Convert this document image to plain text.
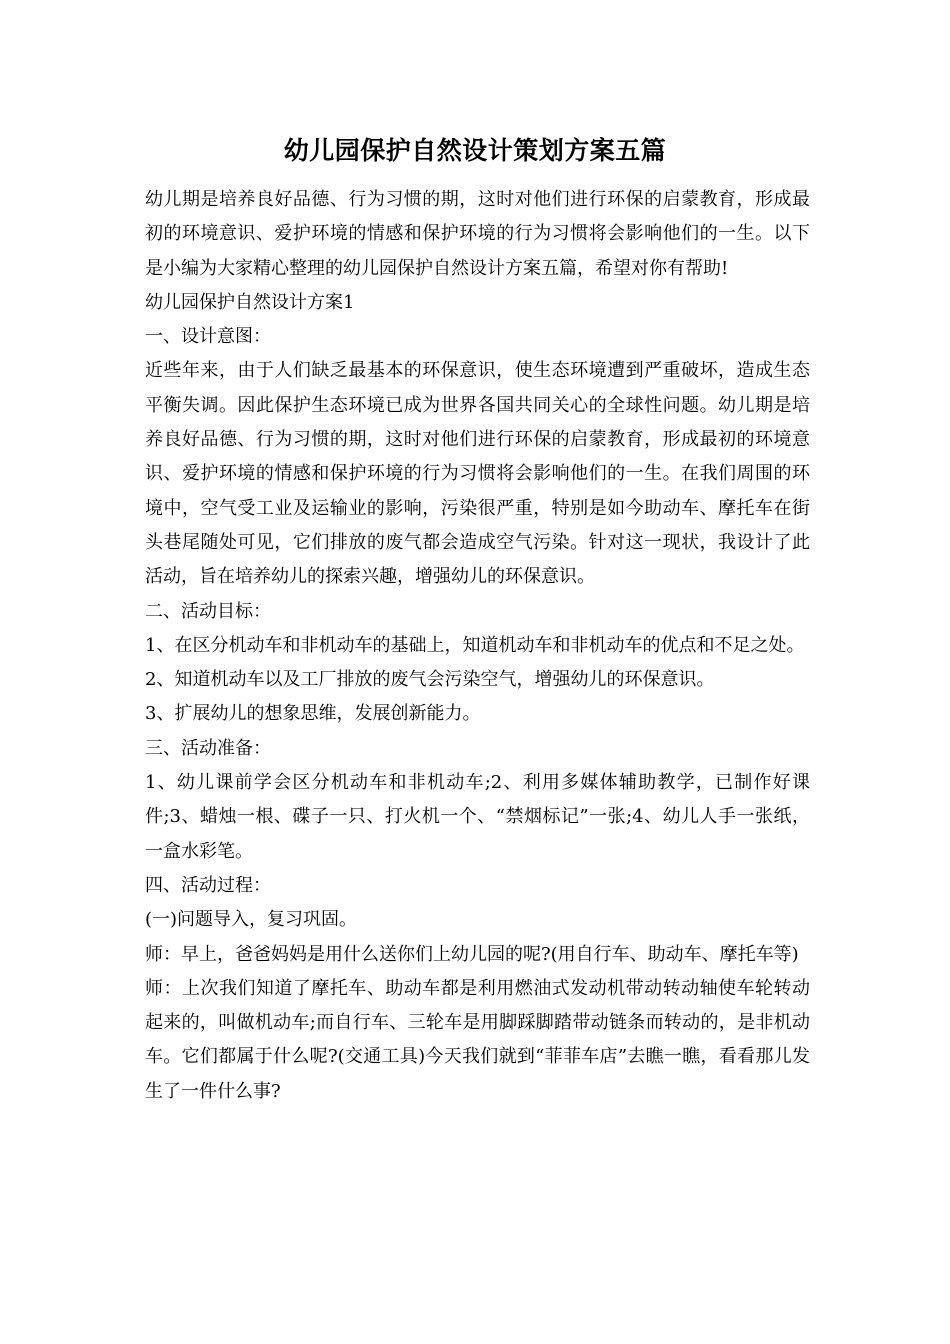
幼儿园保护自然设计策划方案五篇

幼儿期是培养良好品德、行为习惯的期，这时对他们进行环保的启蒙教育，形成最初的环境意识、爱护环境的情感和保护环境的行为习惯将会影响他们的一生。以下是小编为大家精心整理的幼儿园保护自然设计方案五篇，希望对你有帮助!

幼儿园保护自然设计方案1

一、设计意图：

近些年来，由于人们缺乏最基本的环保意识，使生态环境遭到严重破坏，造成生态平衡失调。因此保护生态环境已成为世界各国共同关心的全球性问题。幼儿期是培养良好品德、行为习惯的期，这时对他们进行环保的启蒙教育，形成最初的环境意识、爱护环境的情感和保护环境的行为习惯将会影响他们的一生。在我们周围的环境中，空气受工业及运输业的影响，污染很严重，特别是如今助动车、摩托车在街头巷尾随处可见，它们排放的废气都会造成空气污染。针对这一现状，我设计了此活动，旨在培养幼儿的探索兴趣，增强幼儿的环保意识。

二、活动目标：

1、在区分机动车和非机动车的基础上，知道机动车和非机动车的优点和不足之处。

2、知道机动车以及工厂排放的废气会污染空气，增强幼儿的环保意识。

3、扩展幼儿的想象思维，发展创新能力。

三、活动准备：

1、幼儿课前学会区分机动车和非机动车;2、利用多媒体辅助教学，已制作好课件;3、蜡烛一根、碟子一只、打火机一个、“禁烟标记”一张;4、幼儿人手一张纸，一盒水彩笔。

四、活动过程：

(一)问题导入，复习巩固。

师：早上，爸爸妈妈是用什么送你们上幼儿园的呢?(用自行车、助动车、摩托车等)

师：上次我们知道了摩托车、助动车都是利用燃油式发动机带动转动轴使车轮转动起来的，叫做机动车;而自行车、三轮车是用脚踩脚踏带动链条而转动的，是非机动车。它们都属于什么呢?(交通工具)今天我们就到“菲菲车店”去瞧一瞧，看看那儿发生了一件什么事?
